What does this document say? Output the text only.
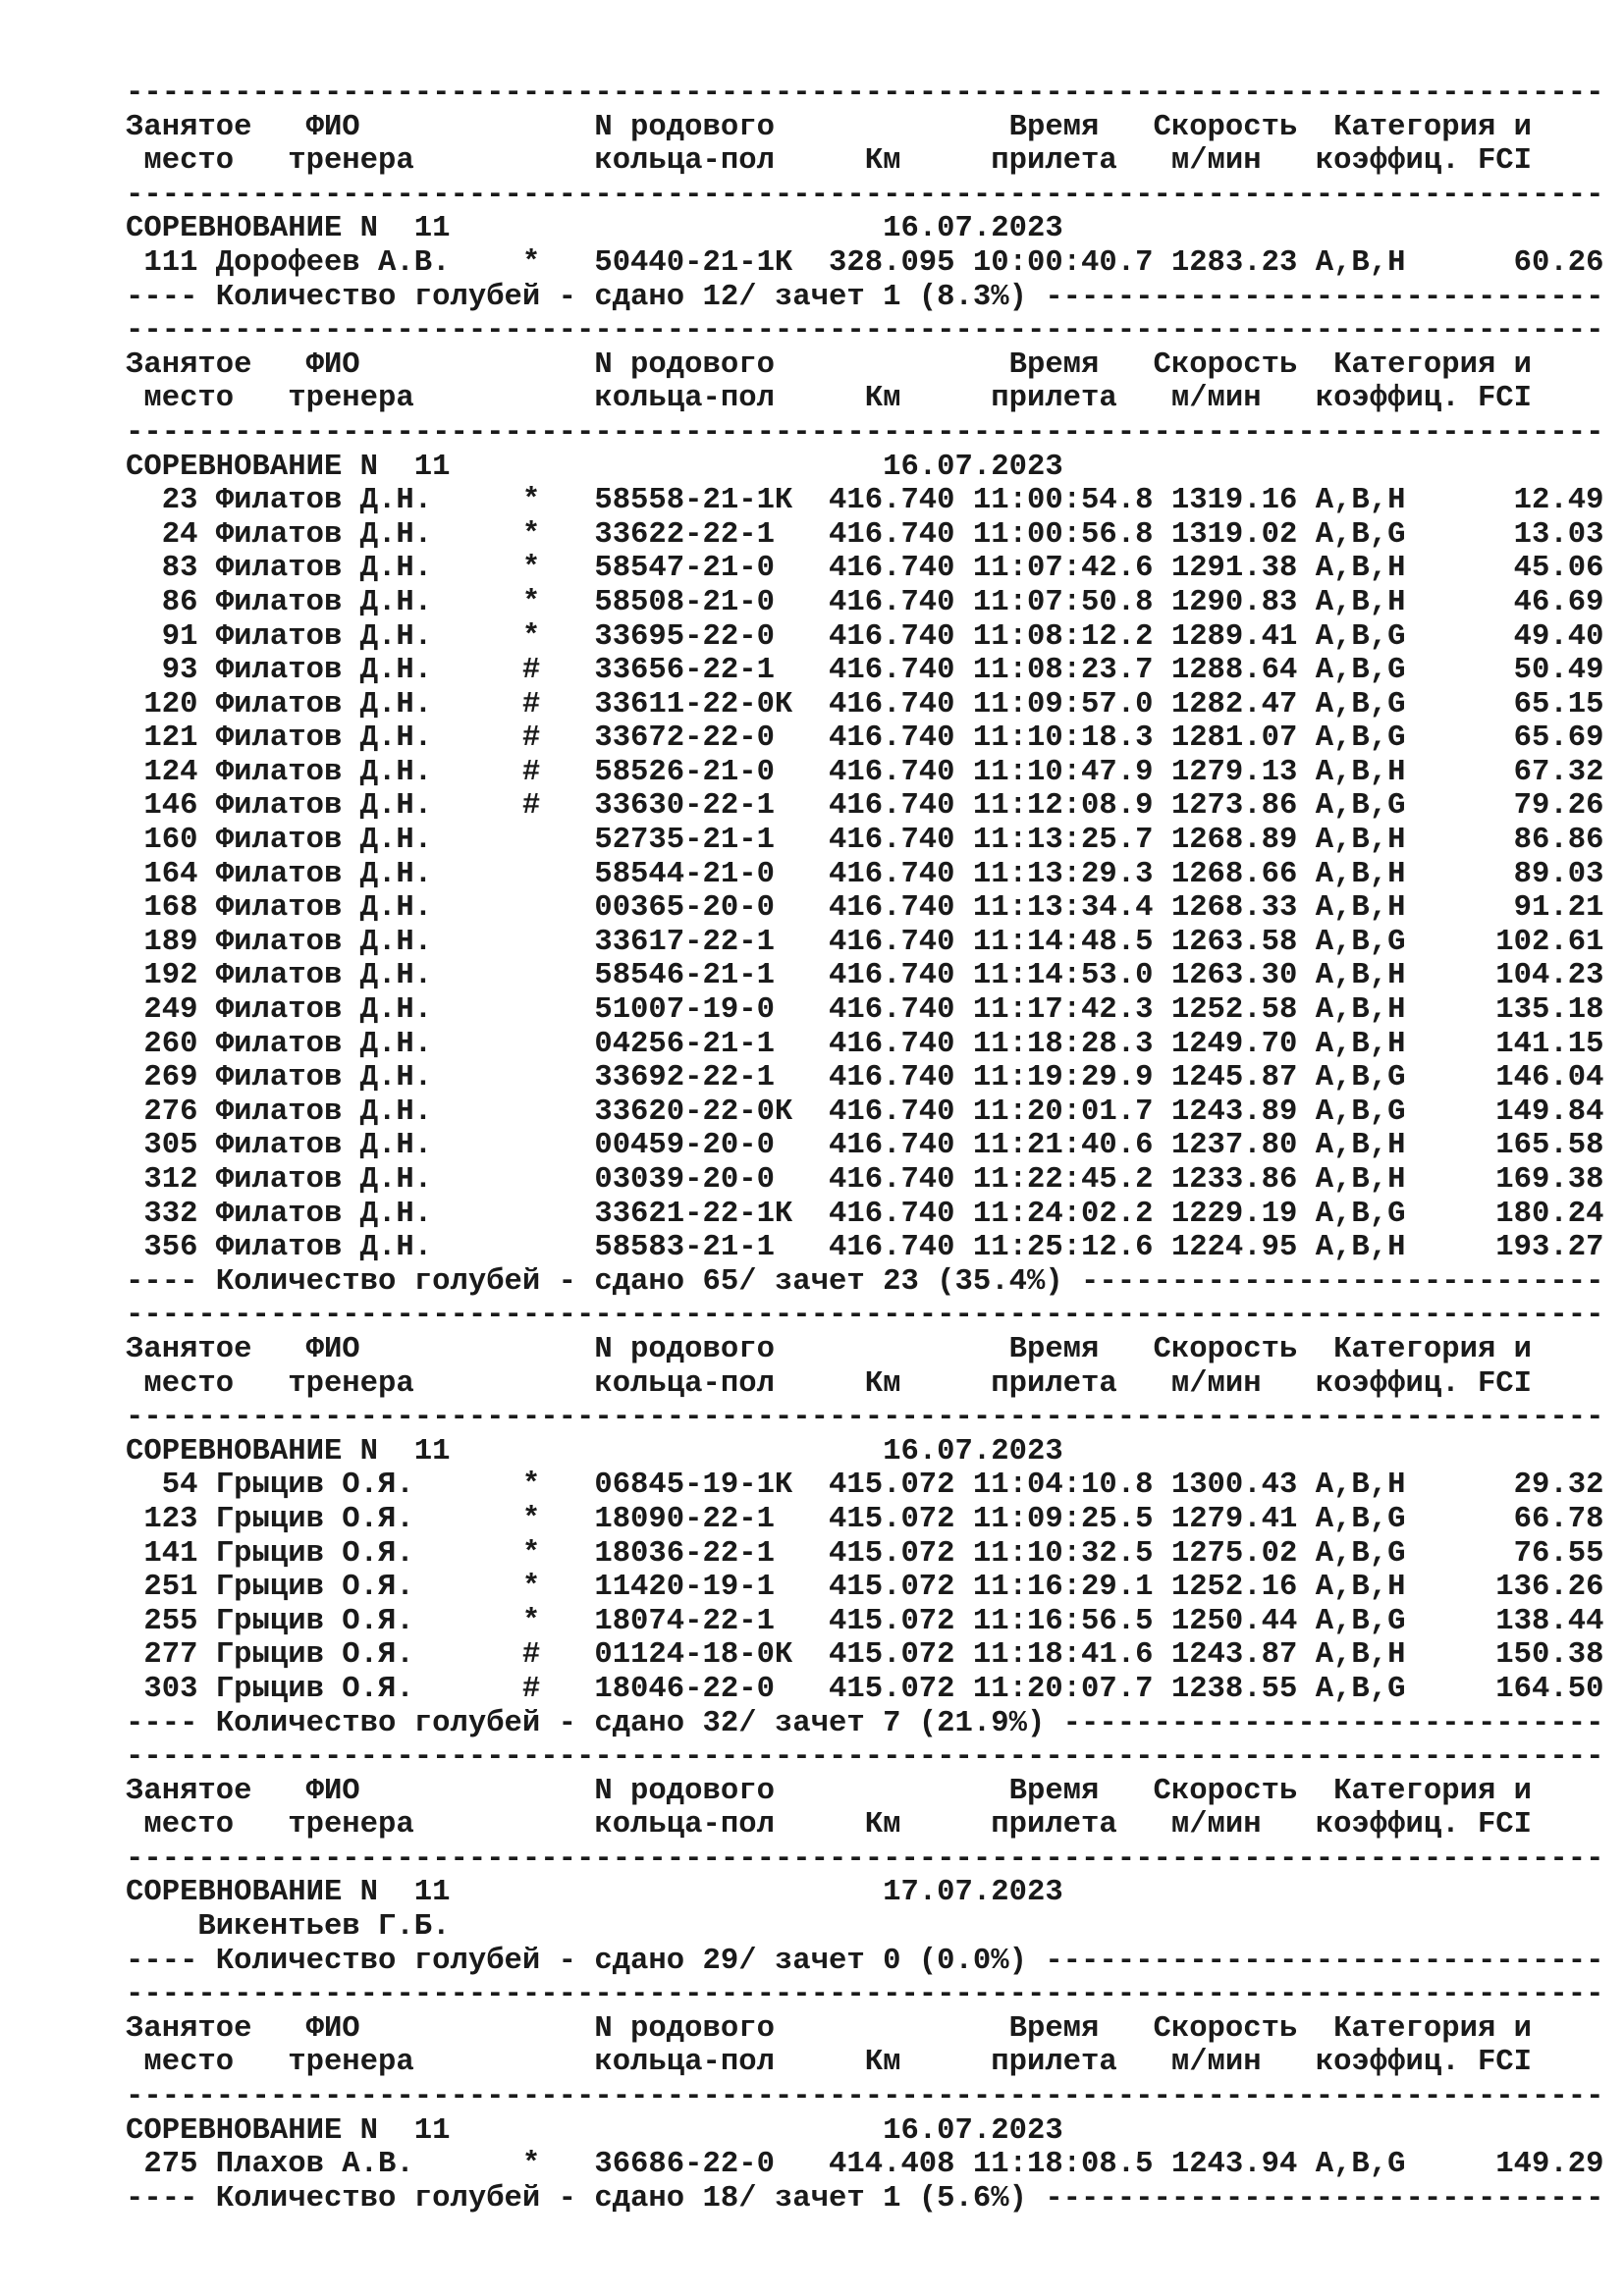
----------------------------------------------------------------------------------
Занятое   ФИО             N родового             Время   Скорость  Категория и
место   тренера          кольца-пол     Км     прилета   м/мин   коэффиц. FCI
----------------------------------------------------------------------------------
СОРЕВНОВАНИЕ N  11                        16.07.2023
111 Дорофеев А.В.    *   50440-21-1К  328.095 10:00:40.7 1283.23 A,B,H      60.26
---- Количество голубей - сдано 12/ зачет 1 (8.3%) -------------------------------
----------------------------------------------------------------------------------
Занятое   ФИО             N родового             Время   Скорость  Категория и
место   тренера          кольца-пол     Км     прилета   м/мин   коэффиц. FCI
----------------------------------------------------------------------------------
СОРЕВНОВАНИЕ N  11                        16.07.2023
23 Филатов Д.Н.     *   58558-21-1К  416.740 11:00:54.8 1319.16 A,B,H      12.49
24 Филатов Д.Н.     *   33622-22-1   416.740 11:00:56.8 1319.02 A,B,G      13.03
83 Филатов Д.Н.     *   58547-21-0   416.740 11:07:42.6 1291.38 A,B,H      45.06
86 Филатов Д.Н.     *   58508-21-0   416.740 11:07:50.8 1290.83 A,B,H      46.69
91 Филатов Д.Н.     *   33695-22-0   416.740 11:08:12.2 1289.41 A,B,G      49.40
93 Филатов Д.Н.     #   33656-22-1   416.740 11:08:23.7 1288.64 A,B,G      50.49
120 Филатов Д.Н.     #   33611-22-0К  416.740 11:09:57.0 1282.47 A,B,G      65.15
121 Филатов Д.Н.     #   33672-22-0   416.740 11:10:18.3 1281.07 A,B,G      65.69
124 Филатов Д.Н.     #   58526-21-0   416.740 11:10:47.9 1279.13 A,B,H      67.32
146 Филатов Д.Н.     #   33630-22-1   416.740 11:12:08.9 1273.86 A,B,G      79.26
160 Филатов Д.Н.         52735-21-1   416.740 11:13:25.7 1268.89 A,B,H      86.86
164 Филатов Д.Н.         58544-21-0   416.740 11:13:29.3 1268.66 A,B,H      89.03
168 Филатов Д.Н.         00365-20-0   416.740 11:13:34.4 1268.33 A,B,H      91.21
189 Филатов Д.Н.         33617-22-1   416.740 11:14:48.5 1263.58 A,B,G     102.61
192 Филатов Д.Н.         58546-21-1   416.740 11:14:53.0 1263.30 A,B,H     104.23
249 Филатов Д.Н.         51007-19-0   416.740 11:17:42.3 1252.58 A,B,H     135.18
260 Филатов Д.Н.         04256-21-1   416.740 11:18:28.3 1249.70 A,B,H     141.15
269 Филатов Д.Н.         33692-22-1   416.740 11:19:29.9 1245.87 A,B,G     146.04
276 Филатов Д.Н.         33620-22-0К  416.740 11:20:01.7 1243.89 A,B,G     149.84
305 Филатов Д.Н.         00459-20-0   416.740 11:21:40.6 1237.80 A,B,H     165.58
312 Филатов Д.Н.         03039-20-0   416.740 11:22:45.2 1233.86 A,B,H     169.38
332 Филатов Д.Н.         33621-22-1К  416.740 11:24:02.2 1229.19 A,B,G     180.24
356 Филатов Д.Н.         58583-21-1   416.740 11:25:12.6 1224.95 A,B,H     193.27
---- Количество голубей - сдано 65/ зачет 23 (35.4%) -----------------------------
----------------------------------------------------------------------------------
Занятое   ФИО             N родового             Время   Скорость  Категория и
место   тренера          кольца-пол     Км     прилета   м/мин   коэффиц. FCI
----------------------------------------------------------------------------------
СОРЕВНОВАНИЕ N  11                        16.07.2023
54 Грыцив О.Я.      *   06845-19-1К  415.072 11:04:10.8 1300.43 A,B,H      29.32
123 Грыцив О.Я.      *   18090-22-1   415.072 11:09:25.5 1279.41 A,B,G      66.78
141 Грыцив О.Я.      *   18036-22-1   415.072 11:10:32.5 1275.02 A,B,G      76.55
251 Грыцив О.Я.      *   11420-19-1   415.072 11:16:29.1 1252.16 A,B,H     136.26
255 Грыцив О.Я.      *   18074-22-1   415.072 11:16:56.5 1250.44 A,B,G     138.44
277 Грыцив О.Я.      #   01124-18-0К  415.072 11:18:41.6 1243.87 A,B,H     150.38
303 Грыцив О.Я.      #   18046-22-0   415.072 11:20:07.7 1238.55 A,B,G     164.50
---- Количество голубей - сдано 32/ зачет 7 (21.9%) ------------------------------
----------------------------------------------------------------------------------
Занятое   ФИО             N родового             Время   Скорость  Категория и
место   тренера          кольца-пол     Км     прилета   м/мин   коэффиц. FCI
----------------------------------------------------------------------------------
СОРЕВНОВАНИЕ N  11                        17.07.2023
Викентьев Г.Б.
---- Количество голубей - сдано 29/ зачет 0 (0.0%) -------------------------------
----------------------------------------------------------------------------------
Занятое   ФИО             N родового             Время   Скорость  Категория и
место   тренера          кольца-пол     Км     прилета   м/мин   коэффиц. FCI
----------------------------------------------------------------------------------
СОРЕВНОВАНИЕ N  11                        16.07.2023
275 Плахов А.В.      *   36686-22-0   414.408 11:18:08.5 1243.94 A,B,G     149.29
---- Количество голубей - сдано 18/ зачет 1 (5.6%) -------------------------------
